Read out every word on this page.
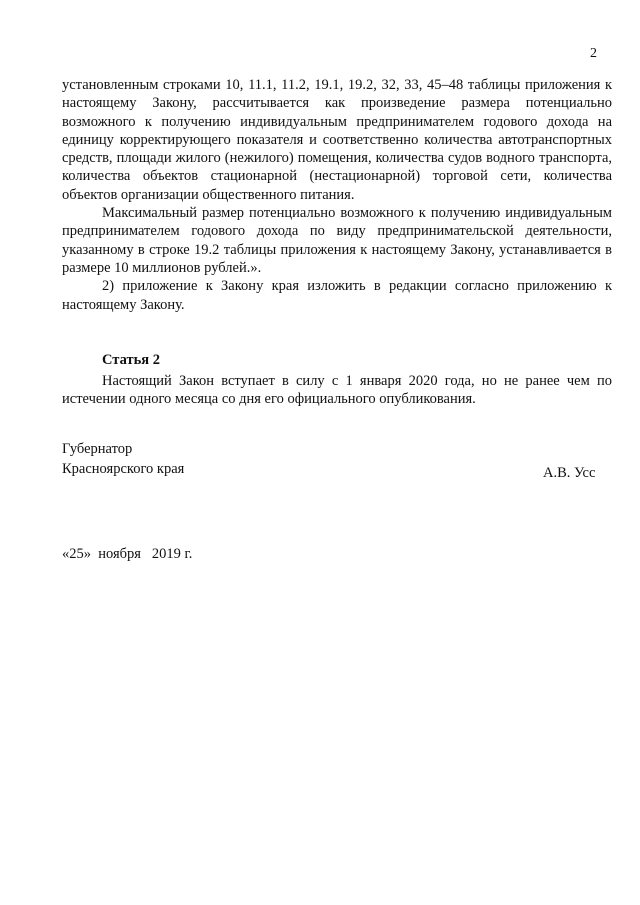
2

установленным строками 10, 11.1, 11.2, 19.1, 19.2, 32, 33, 45–48 таблицы приложения к настоящему Закону, рассчитывается как произведение размера потенциально возможного к получению индивидуальным предпринимателем годового дохода на единицу корректирующего показателя и соответственно количества автотранспортных средств, площади жилого (нежилого) помещения, количества судов водного транспорта, количества объектов стационарной (нестационарной) торговой сети, количества объектов организации общественного питания.

Максимальный размер потенциально возможного к получению индивидуальным предпринимателем годового дохода по виду предпринимательской деятельности, указанному в строке 19.2 таблицы приложения к настоящему Закону, устанавливается в размере 10 миллионов рублей.».

2) приложение к Закону края изложить в редакции согласно приложению к настоящему Закону.

Статья 2

Настоящий Закон вступает в силу с 1 января 2020 года, но не ранее чем по истечении одного месяца со дня его официального опубликования.

Губернатор
Красноярского края	А.В. Усс
«25»  ноября   2019 г.
